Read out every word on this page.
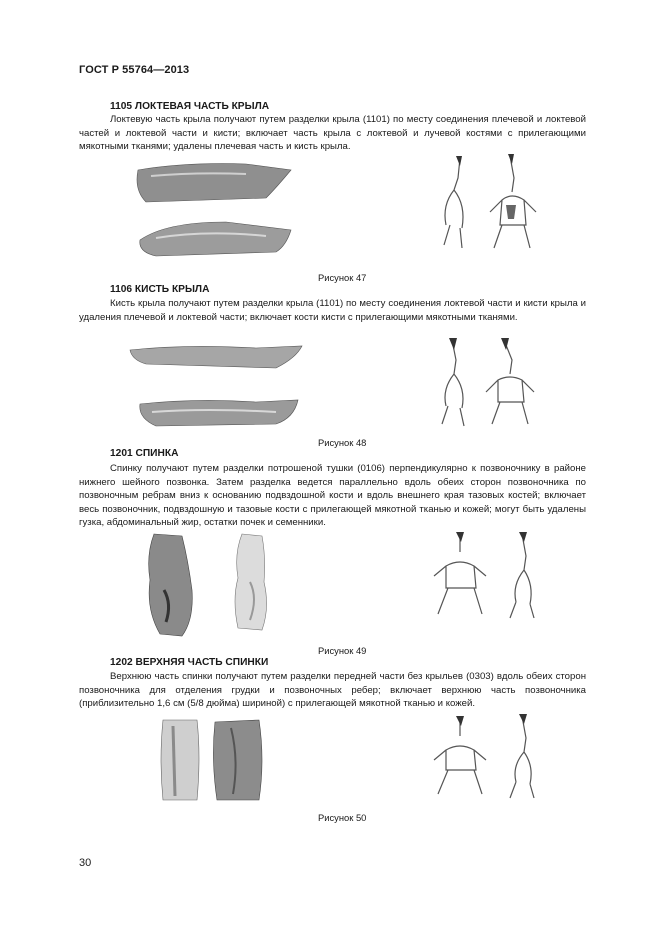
ГОСТ Р 55764—2013
1105 ЛОКТЕВАЯ ЧАСТЬ КРЫЛА
Локтевую часть крыла получают путем разделки крыла (1101) по месту соединения плечевой и локтевой частей и локтевой части и кисти; включает часть крыла с локтевой и лучевой костями с прилегающими мякотными тканями; удалены плечевая часть и кисть крыла.
Рисунок 47
1106 КИСТЬ КРЫЛА
Кисть крыла получают путем разделки крыла (1101) по месту соединения локтевой части и кисти крыла и удаления плечевой и локтевой части; включает кости кисти с прилегающими мякотными тканями.
Рисунок 48
1201 СПИНКА
Спинку получают путем разделки потрошеной тушки (0106) перпендикулярно к позвоночнику в районе нижнего шейного позвонка. Затем разделка ведется параллельно вдоль обеих сторон позвоночника по позвоночным ребрам вниз к основанию подвздошной кости и вдоль внешнего края тазовых костей; включает весь позвоночник, подвздошную и тазовые кости с прилегающей мякотной тканью и кожей; могут быть удалены гузка, абдоминальный жир, остатки почек и семенники.
Рисунок 49
1202 ВЕРХНЯЯ ЧАСТЬ СПИНКИ
Верхнюю часть спинки получают путем разделки передней части без крыльев (0303) вдоль обеих сторон позвоночника для отделения грудки и позвоночных ребер; включает верхнюю часть позвоночника (приблизительно 1,6 см (5/8 дюйма) шириной) с прилегающей мякотной тканью и кожей.
Рисунок 50
30
